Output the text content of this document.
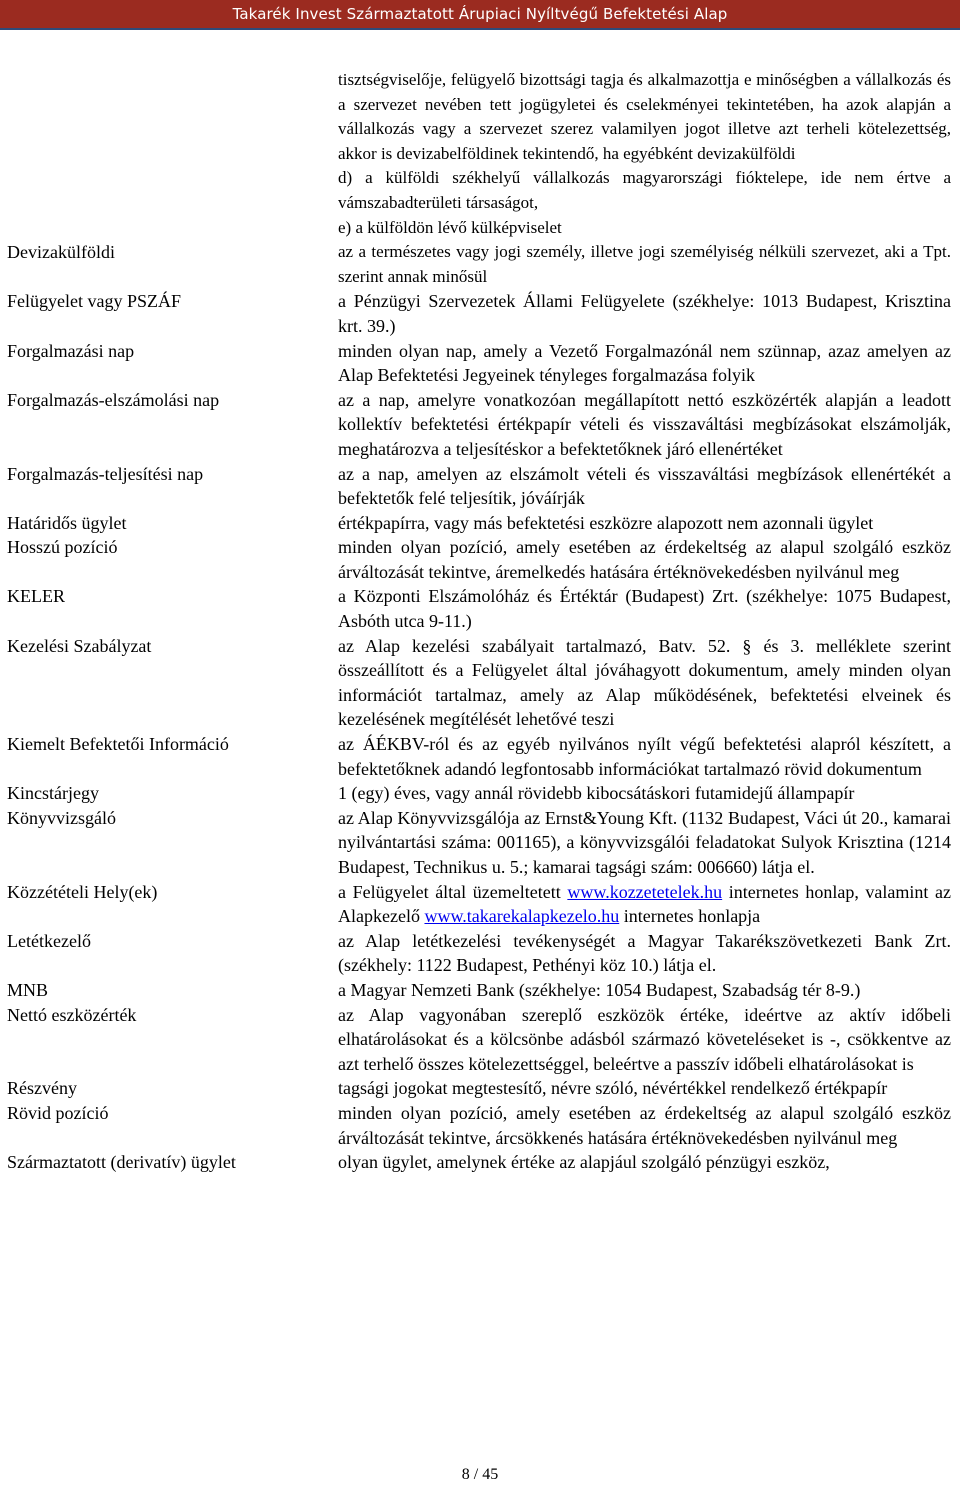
Takarék Invest Származtatott Árupiaci Nyíltvégű Befektetési Alap

tisztségviselője, felügyelő bizottsági tagja és alkalmazottja e minőségben a vállalkozás és a szervezet nevében tett jogügyletei és cselekményei tekintetében, ha azok alapján a vállalkozás vagy a szervezet szerez valamilyen jogot illetve azt terheli kötelezettség, akkor is devizabelföldinek tekintendő, ha egyébként devizakülföldi

d) a külföldi székhelyű vállalkozás magyarországi fióktelepe, ide nem értve a vámszabadterületi társaságot,

e) a külföldön lévő külképviselet

Devizakülföldi	az a természetes vagy jogi személy, illetve jogi személyiség nélküli szervezet, aki a Tpt. szerint annak minősül
Felügyelet vagy PSZÁF	a Pénzügyi Szervezetek Állami Felügyelete (székhelye: 1013 Budapest, Krisztina krt. 39.)
Forgalmazási nap	minden olyan nap, amely a Vezető Forgalmazónál nem szünnap, azaz amelyen az Alap Befektetési Jegyeinek tényleges forgalmazása folyik
Forgalmazás-elszámolási nap	az a nap, amelyre vonatkozóan megállapított nettó eszközérték alapján a leadott kollektív befektetési értékpapír vételi és visszaváltási megbízásokat elszámolják, meghatározva a teljesítéskor a befektetőknek járó ellenértéket
Forgalmazás-teljesítési nap	az a nap, amelyen az elszámolt vételi és visszaváltási megbízások ellenértékét a befektetők felé teljesítik, jóváírják
Határidős ügylet	értékpapírra, vagy más befektetési eszközre alapozott nem azonnali ügylet
Hosszú pozíció	minden olyan pozíció, amely esetében az érdekeltség az alapul szolgáló eszköz árváltozását tekintve, áremelkedés hatására értéknövekedésben nyilvánul meg
KELER	a Központi Elszámolóház és Értéktár (Budapest) Zrt. (székhelye: 1075 Budapest, Asbóth utca 9-11.)
Kezelési Szabályzat	az Alap kezelési szabályait tartalmazó, Batv. 52. § és 3. melléklete szerint összeállított és a Felügyelet által jóváhagyott dokumentum, amely minden olyan információt tartalmaz, amely az Alap működésének, befektetési elveinek és kezelésének megítélését lehetővé teszi
Kiemelt Befektetői Információ	az ÁÉKBV-ról és az egyéb nyilvános nyílt végű befektetési alapról készített, a befektetőknek adandó legfontosabb információkat tartalmazó rövid dokumentum
Kincstárjegy	1 (egy) éves, vagy annál rövidebb kibocsátáskori futamidejű állampapír
Könyvvizsgáló	az Alap Könyvvizsgálója az Ernst&Young Kft. (1132 Budapest, Váci út 20., kamarai nyilvántartási száma: 001165), a könyvvizsgálói feladatokat Sulyok Krisztina (1214 Budapest, Technikus u. 5.; kamarai tagsági szám: 006660) látja el.
Közzétételi Hely(ek)	a Felügyelet által üzemeltetett www.kozzetetelek.hu internetes honlap, valamint az Alapkezelő www.takarekalapkezelo.hu internetes honlapja
Letétkezelő	az Alap letétkezelési tevékenységét a Magyar Takarékszövetkezeti Bank Zrt. (székhely: 1122 Budapest, Pethényi köz 10.) látja el.
MNB	a Magyar Nemzeti Bank (székhelye: 1054 Budapest, Szabadság tér 8-9.)
Nettó eszközérték	az Alap vagyonában szereplő eszközök értéke, ideértve az aktív időbeli elhatárolásokat és a kölcsönbe adásból származó követeléseket is -, csökkentve az azt terhelő összes kötelezettséggel, beleértve a passzív időbeli elhatárolásokat is
Részvény	tagsági jogokat megtestesítő, névre szóló, névértékkel rendelkező értékpapír
Rövid pozíció	minden olyan pozíció, amely esetében az érdekeltség az alapul szolgáló eszköz árváltozását tekintve, árcsökkenés hatására értéknövekedésben nyilvánul meg
Származtatott (derivatív) ügylet	olyan ügylet, amelynek értéke az alapjául szolgáló pénzügyi eszköz,
8 / 45
